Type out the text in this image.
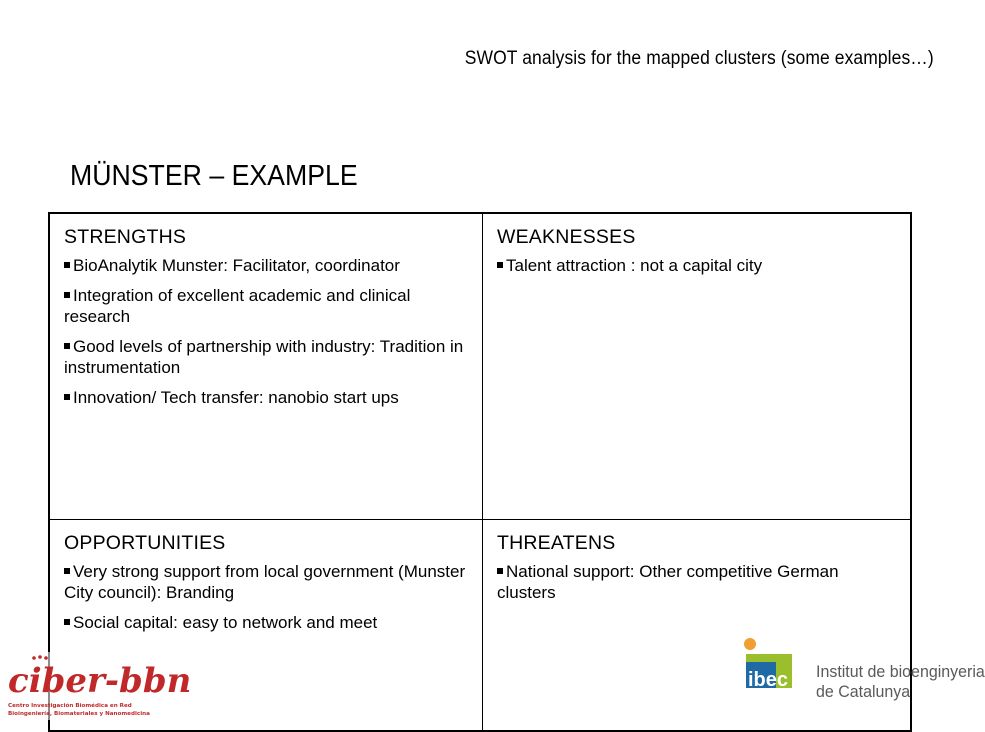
SWOT analysis for the mapped clusters (some examples…)
MÜNSTER – EXAMPLE
STRENGTHS
BioAnalytik Munster: Facilitator, coordinator
Integration of excellent academic and clinical research
Good levels of partnership with industry: Tradition in instrumentation
Innovation/ Tech transfer: nanobio start ups
WEAKNESSES
Talent attraction : not a capital city
OPPORTUNITIES
Very strong support from local government (Munster City council): Branding
Social capital: easy to network and meet
THREATENS
National support: Other competitive German clusters
ciber-bbn
Centro Investigación Biomédica en Red
Bioingeniería, Biomateriales y Nanomedicina
ibec Institut de bioenginyeria
de Catalunya
